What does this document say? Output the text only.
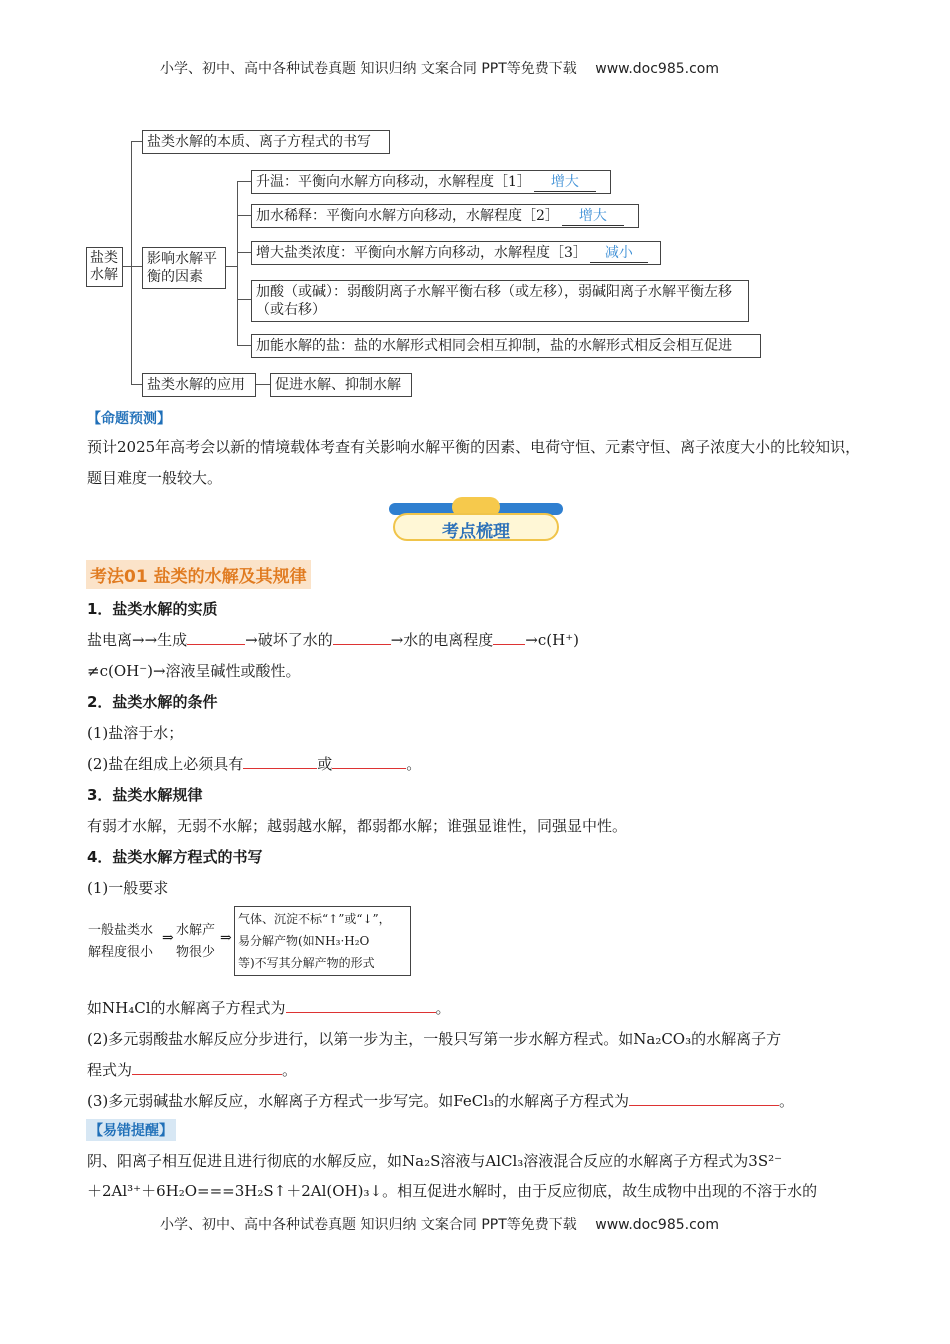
小学、初中、高中各种试卷真题 知识归纳 文案合同 PPT等免费下载 www.doc985.com
盐类水解
盐类水解的本质、离子方程式的书写
影响水解平衡的因素
盐类水解的应用	促进水解、抑制水解
升温：平衡向水解方向移动，水解程度［1］ 增大
加水稀释：平衡向水解方向移动，水解程度［2］ 增大
增大盐类浓度：平衡向水解方向移动，水解程度［3］ 减小
加酸（或碱）：弱酸阴离子水解平衡右移（或左移），弱碱阳离子水解平衡左移（或右移）
加能水解的盐：盐的水解形式相同会相互抑制，盐的水解形式相反会相互促进
【命题预测】
预计2025年高考会以新的情境载体考查有关影响水解平衡的因素、电荷守恒、元素守恒、离子浓度大小的比较知识，题目难度一般较大。
考点梳理
考法01 盐类的水解及其规律
1．盐类水解的实质
盐电离→→生成	→破坏了水的	→水的电离程度 →c(H⁺)
≠c(OH⁻)→溶液呈碱性或酸性。
2．盐类水解的条件
(1)盐溶于水；
(2)盐在组成上必须具有	或	。
3．盐类水解规律
有弱才水解，无弱不水解；越弱越水解，都弱都水解；谁强显谁性，同强显中性。
4．盐类水解方程式的书写
(1)一般要求
一般盐类水解程度很小
⇒ 水解产物很少
⇒
气体、沉淀不标“↑”或“↓”，
易分解产物(如NH₃·H₂O
等)不写其分解产物的形式
如NH₄Cl的水解离子方程式为	。
(2)多元弱酸盐水解反应分步进行，以第一步为主，一般只写第一步水解方程式。如Na₂CO₃的水解离子方
程式为	。
(3)多元弱碱盐水解反应，水解离子方程式一步写完。如FeCl₃的水解离子方程式为	。
【易错提醒】
阴、阳离子相互促进且进行彻底的水解反应，如Na₂S溶液与AlCl₃溶液混合反应的水解离子方程式为3S²⁻
＋2Al³⁺＋6H₂O===3H₂S↑＋2Al(OH)₃↓。相互促进水解时，由于反应彻底，故生成物中出现的不溶于水的
小学、初中、高中各种试卷真题 知识归纳 文案合同 PPT等免费下载 www.doc985.com
